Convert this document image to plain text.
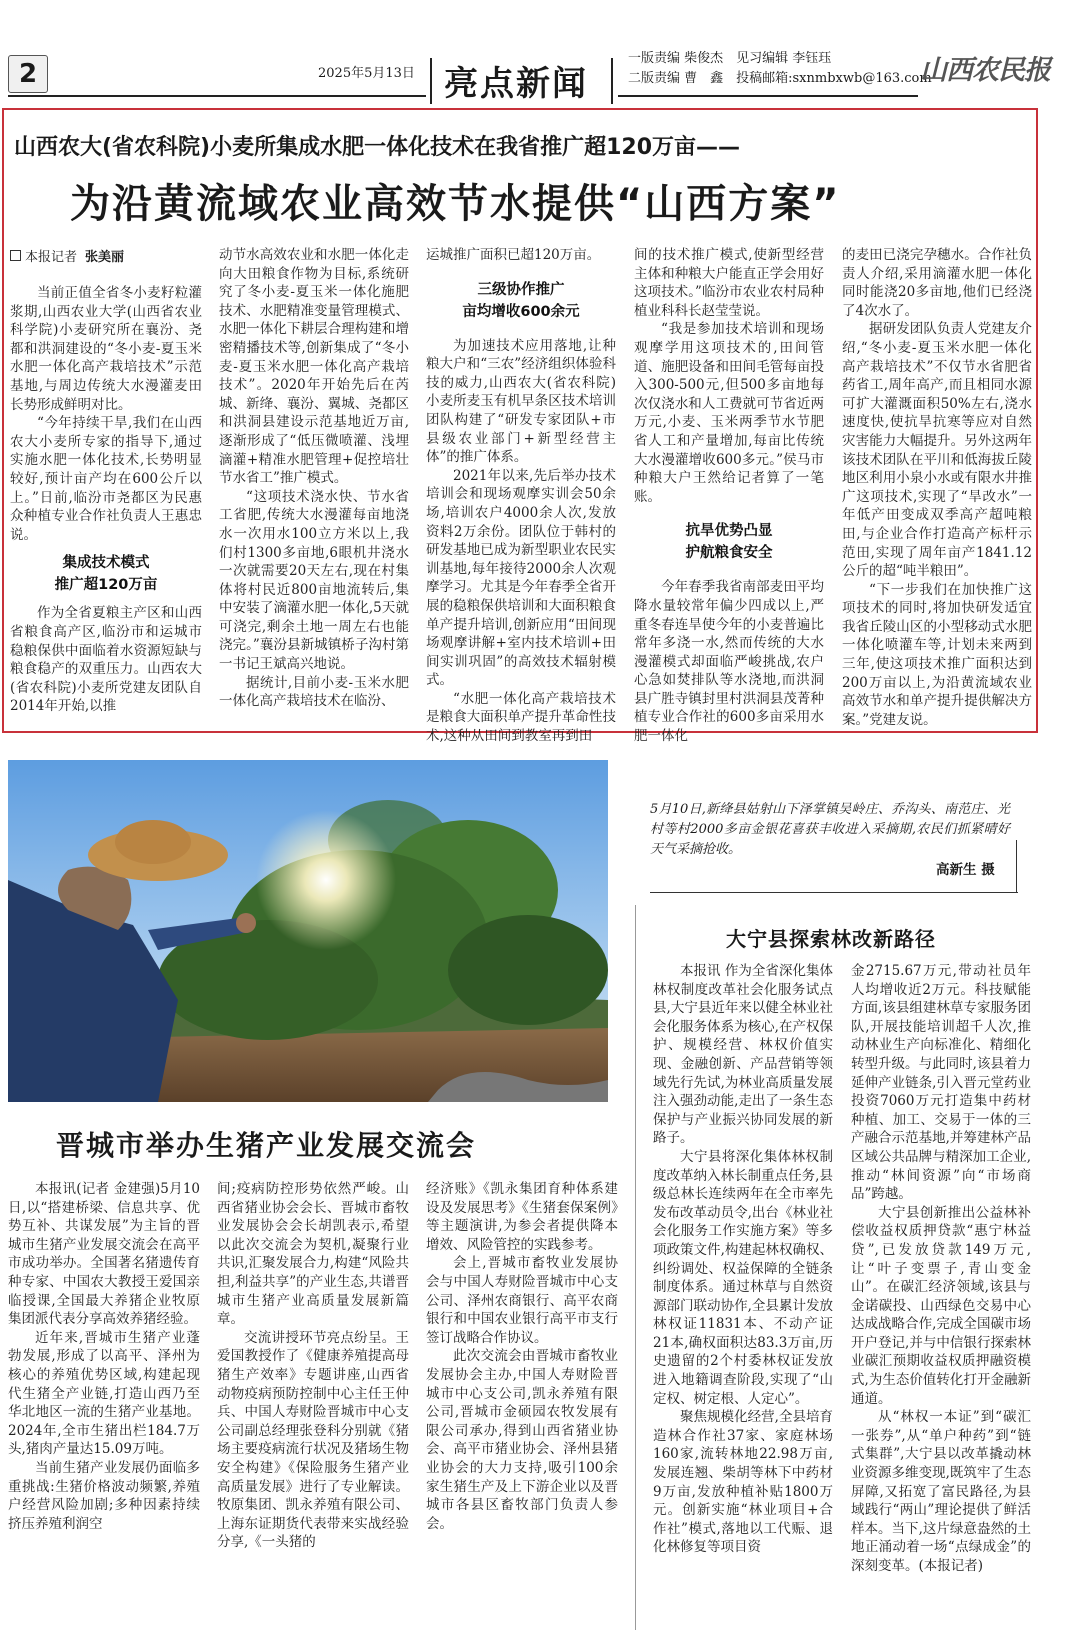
2	2025年5月13日 亮点新闻
一版责编 柴俊杰　见习编辑 李钰珏
二版责编 曹　鑫　投稿邮箱:sxnmbxwb@163.com
山西农民报
山西农大(省农科院)小麦所集成水肥一体化技术在我省推广超120万亩——
为沿黄流域农业高效节水提供“山西方案”
本报记者 张美丽

当前正值全省冬小麦籽粒灌浆期,山西农业大学(山西省农业科学院)小麦研究所在襄汾、尧都和洪洞建设的“冬小麦-夏玉米水肥一体化高产栽培技术”示范基地,与周边传统大水漫灌麦田长势形成鲜明对比。

“今年持续干旱,我们在山西农大小麦所专家的指导下,通过实施水肥一体化技术,长势明显较好,预计亩产均在600公斤以上。”日前,临汾市尧都区为民惠众种植专业合作社负责人王惠忠说。

集成技术模式
推广超120万亩

作为全省夏粮主产区和山西省粮食高产区,临汾市和运城市稳粮保供中面临着水资源短缺与粮食稳产的双重压力。山西农大(省农科院)小麦所党建友团队自2014年开始,以推

动节水高效农业和水肥一体化走向大田粮食作物为目标,系统研究了冬小麦-夏玉米一体化施肥技术、水肥精准变量管理模式、水肥一体化下耕层合理构建和增密精播技术等,创新集成了“冬小麦-夏玉米水肥一体化高产栽培技术”。2020年开始先后在芮城、新绛、襄汾、翼城、尧都区和洪洞县建设示范基地近万亩,逐渐形成了“低压微喷灌、浅埋滴灌+精准水肥管理+促控培壮节水省工”推广模式。

“这项技术浇水快、节水省工省肥,传统大水漫灌每亩地浇水一次用水100立方米以上,我们村1300多亩地,6眼机井浇水一次就需要20天左右,现在村集体将村民近800亩地流转后,集中安装了滴灌水肥一体化,5天就可浇完,剩余土地一周左右也能浇完。”襄汾县新城镇桥子沟村第一书记王斌高兴地说。

据统计,目前小麦-玉米水肥一体化高产栽培技术在临汾、

运城推广面积已超120万亩。

三级协作推广
亩均增收600余元

为加速技术应用落地,让种粮大户和“三农”经济组织体验科技的威力,山西农大(省农科院)小麦所麦玉有机早条区技术培训团队构建了“研发专家团队+市县级农业部门+新型经营主体”的推广体系。

2021年以来,先后举办技术培训会和现场观摩实训会50余场,培训农户4000余人次,发放资料2万余份。团队位于韩村的研发基地已成为新型职业农民实训基地,每年接待2000余人次观摩学习。尤其是今年春季全省开展的稳粮保供培训和大面积粮食单产提升培训,创新应用“田间现场观摩讲解+室内技术培训+田间实训巩固”的高效技术辐射模式。

“水肥一体化高产栽培技术是粮食大面积单产提升革命性技术,这种从田间到教室再到田

间的技术推广模式,使新型经营主体和种粮大户能直正学会用好这项技术。”临汾市农业农村局种植业科科长赵莹莹说。

“我是参加技术培训和现场观摩学用这项技术的,田间管道、施肥设备和田间毛管每亩投入300-500元,但500多亩地每次仅浇水和人工费就可节省近两万元,小麦、玉米两季节水节肥省人工和产量增加,每亩比传统大水漫灌增收600多元。”侯马市种粮大户王然给记者算了一笔账。

抗旱优势凸显
护航粮食安全

今年春季我省南部麦田平均降水量较常年偏少四成以上,严重冬春连旱使今年的小麦普遍比常年多浇一水,然而传统的大水漫灌模式却面临严峻挑战,农户心急如焚排队等水浇地,而洪洞县广胜寺镇封里村洪洞县茂菁种植专业合作社的600多亩采用水肥一体化

的麦田已浇完孕穗水。合作社负责人介绍,采用滴灌水肥一体化同时能浇20多亩地,他们已经浇了4次水了。

据研发团队负责人党建友介绍,“冬小麦-夏玉米水肥一体化高产栽培技术”不仅节水省肥省药省工,周年高产,而且相同水源可扩大灌溉面积50%左右,浇水速度快,使抗旱抗寒等应对自然灾害能力大幅提升。另外这两年该技术团队在平川和低海拔丘陵地区利用小泉小水或有限水井推广这项技术,实现了“旱改水”一年低产田变成双季高产超吨粮田,与企业合作打造高产标杆示范田,实现了周年亩产1841.12公斤的超“吨半粮田”。

“下一步我们在加快推广这项技术的同时,将加快研发适宜我省丘陵山区的小型移动式水肥一体化喷灌车等,计划未来两到三年,使这项技术推广面积达到200万亩以上,为沿黄流域农业高效节水和单产提升提供解决方案。”党建友说。

5月10日,新绛县姑射山下泽掌镇吴岭庄、乔沟头、南范庄、光村等村2000多亩金银花喜获丰收进入采摘期,农民们抓紧晴好天气采摘抢收。
高新生 摄
大宁县探索林改新路径

本报讯 作为全省深化集体林权制度改革社会化服务试点县,大宁县近年来以健全林业社会化服务体系为核心,在产权保护、规模经营、林权价值实现、金融创新、产品营销等领域先行先试,为林业高质量发展注入强劲动能,走出了一条生态保护与产业振兴协同发展的新路子。

大宁县将深化集体林权制度改革纳入林长制重点任务,县级总林长连续两年在全市率先发布改革动员令,出台《林业社会化服务工作实施方案》等多项政策文件,构建起林权确权、纠纷调处、权益保障的全链条制度体系。通过林草与自然资源部门联动协作,全县累计发放林权证11831本、不动产证21本,确权面积达83.3万亩,历史遗留的2个村委林权证发放进入地籍调查阶段,实现了“山定权、树定根、人定心”。

聚焦规模化经营,全县培育造林合作社37家、家庭林场160家,流转林地22.98万亩,发展连翘、柴胡等林下中药材9万亩,发放种植补贴1800万元。创新实施“林业项目+合作社”模式,落地以工代赈、退化林修复等项目资

金2715.67万元,带动社员年人均增收近2万元。科技赋能方面,该县组建林草专家服务团队,开展技能培训超千人次,推动林业生产向标准化、精细化转型升级。与此同时,该县着力延伸产业链条,引入晋元堂药业投资7060万元打造集中药材种植、加工、交易于一体的三产融合示范基地,并筹建林产品区域公共品牌与精深加工企业,推动“林间资源”向“市场商品”跨越。

大宁县创新推出公益林补偿收益权质押贷款“惠宁林益贷”,已发放贷款149万元,让“叶子变票子,青山变金山”。在碳汇经济领域,该县与金诺碳投、山西绿色交易中心达成战略合作,完成全国碳市场开户登记,并与中信银行探索林业碳汇预期收益权质押融资模式,为生态价值转化打开金融新通道。

从“林权一本证”到“碳汇一张券”,从“单户种药”到“链式集群”,大宁县以改革撬动林业资源多维变现,既筑牢了生态屏障,又拓宽了富民路径,为县域践行“两山”理论提供了鲜活样本。当下,这片绿意盎然的土地正涌动着一场“点绿成金”的深刻变革。(本报记者)

晋城市举办生猪产业发展交流会

本报讯(记者 金建强)5月10日,以“搭建桥梁、信息共享、优势互补、共谋发展”为主旨的晋城市生猪产业发展交流会在高平市成功举办。全国著名猪遗传育种专家、中国农大教授王爱国亲临授课,全国最大养猪企业牧原集团派代表分享高效养猪经验。

近年来,晋城市生猪产业蓬勃发展,形成了以高平、泽州为核心的养殖优势区域,构建起现代生猪全产业链,打造山西乃至华北地区一流的生猪产业基地。2024年,全市生猪出栏184.7万头,猪肉产量达15.09万吨。

当前生猪产业发展仍面临多重挑战:生猪价格波动频繁,养殖户经营风险加剧;多种因素持续挤压养殖利润空

间;疫病防控形势依然严峻。山西省猪业协会会长、晋城市畜牧业发展协会会长胡凯表示,希望以此次交流会为契机,凝聚行业共识,汇聚发展合力,构建“风险共担,利益共享”的产业生态,共谱晋城市生猪产业高质量发展新篇章。

交流讲授环节亮点纷呈。王爱国教授作了《健康养殖提高母猪生产效率》专题讲座,山西省动物疫病预防控制中心主任王仲兵、中国人寿财险晋城市中心支公司副总经理张登科分别就《猪场主要疫病流行状况及猪场生物安全构建》《保险服务生猪产业高质量发展》进行了专业解读。牧原集团、凯永养殖有限公司、上海东证期货代表带来实战经验分享,《一头猪的

经济账》《凯永集团育种体系建设及发展思考》《生猪套保案例》等主题演讲,为参会者提供降本增效、风险管控的实践参考。

会上,晋城市畜牧业发展协会与中国人寿财险晋城市中心支公司、泽州农商银行、高平农商银行和中国农业银行高平市支行签订战略合作协议。

此次交流会由晋城市畜牧业发展协会主办,中国人寿财险晋城市中心支公司,凯永养殖有限公司,晋城市金硕园农牧发展有限公司承办,得到山西省猪业协会、高平市猪业协会、泽州县猪业协会的大力支持,吸引100余家生猪生产及上下游企业以及晋城市各县区畜牧部门负责人参会。
